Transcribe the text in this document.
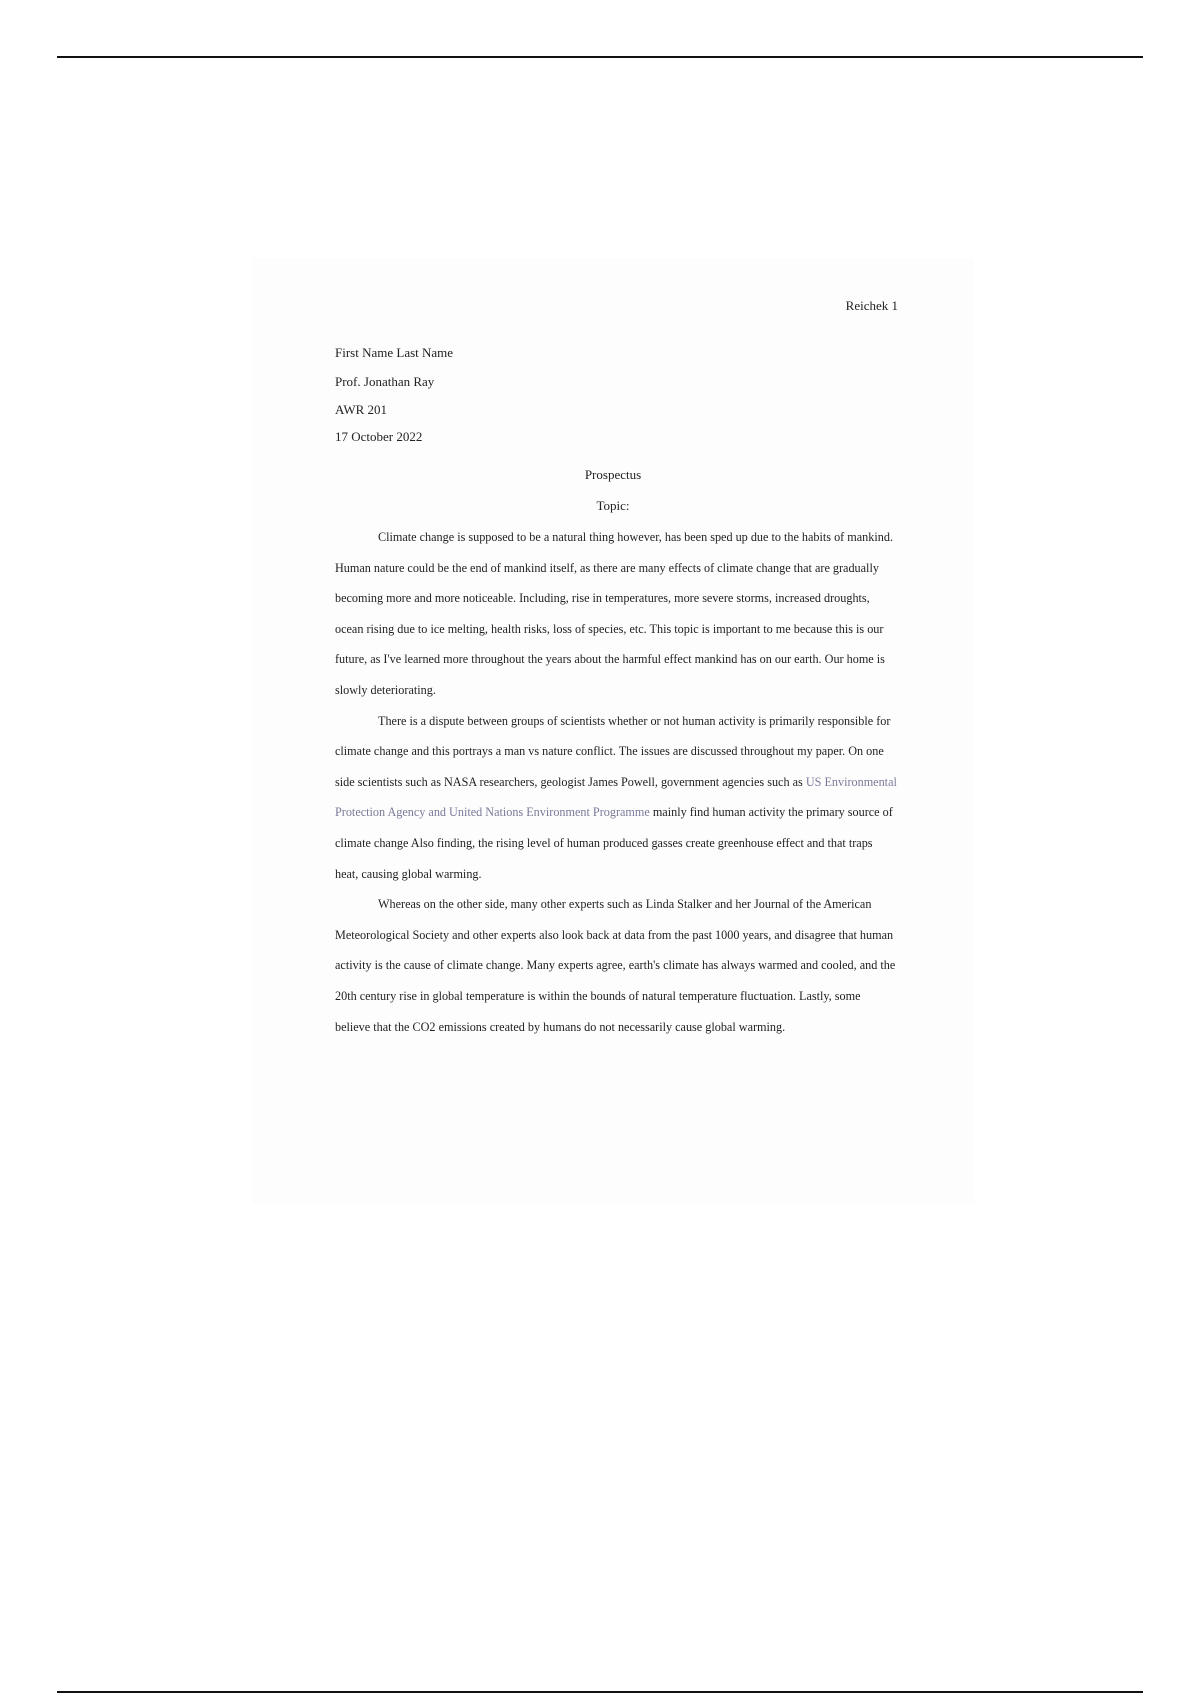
Reichek 1

First Name Last Name

Prof. Jonathan Ray

AWR 201

17 October 2022

Prospectus
Topic:

Climate change is supposed to be a natural thing however, has been sped up due to the habits of mankind. Human nature could be the end of mankind itself, as there are many effects of climate change that are gradually becoming more and more noticeable. Including, rise in temperatures, more severe storms, increased droughts, ocean rising due to ice melting, health risks, loss of species, etc. This topic is important to me because this is our future, as I've learned more throughout the years about the harmful effect mankind has on our earth. Our home is slowly deteriorating.

There is a dispute between groups of scientists whether or not human activity is primarily responsible for climate change and this portrays a man vs nature conflict. The issues are discussed throughout my paper. On one side scientists such as NASA researchers, geologist James Powell, government agencies such as US Environmental Protection Agency and United Nations Environment Programme mainly find human activity the primary source of climate change Also finding, the rising level of human produced gasses create greenhouse effect and that traps heat, causing global warming.

Whereas on the other side, many other experts such as Linda Stalker and her Journal of the American Meteorological Society and other experts also look back at data from the past 1000 years, and disagree that human activity is the cause of climate change. Many experts agree, earth's climate has always warmed and cooled, and the 20th century rise in global temperature is within the bounds of natural temperature fluctuation. Lastly, some believe that the CO2 emissions created by humans do not necessarily cause global warming.
